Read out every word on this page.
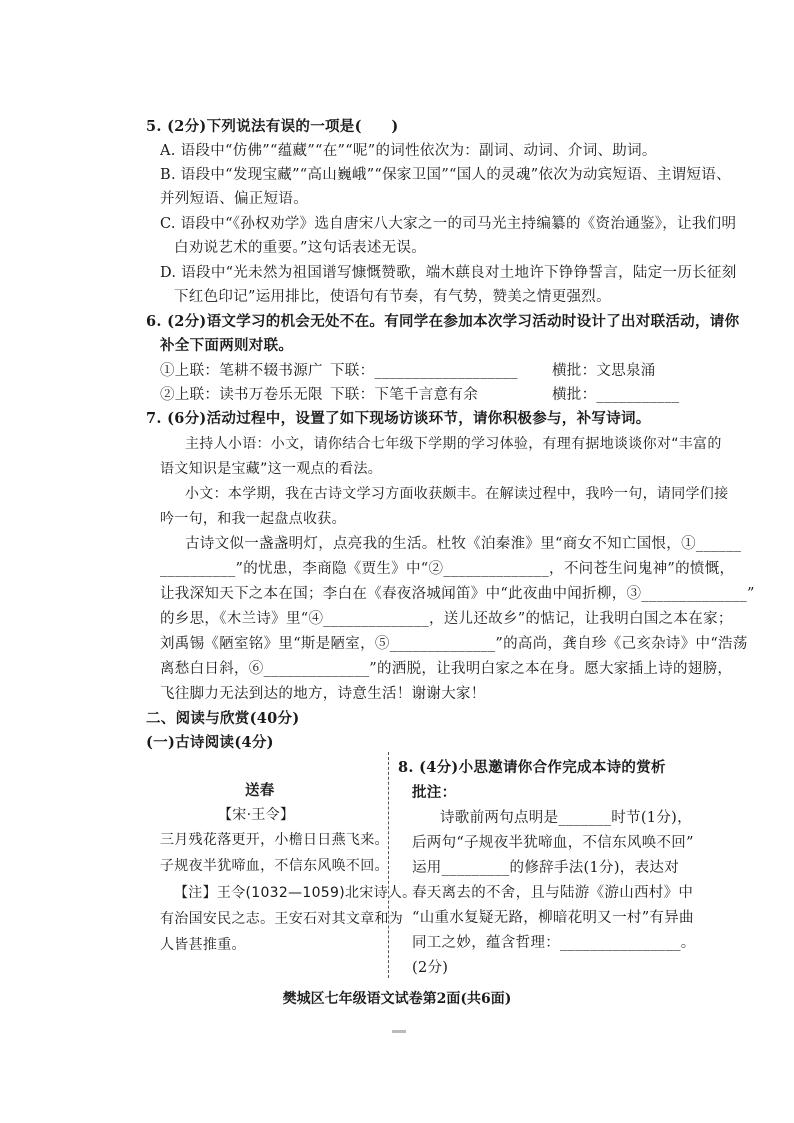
5. (2分)下列说法有误的一项是(　　)
A. 语段中“仿佛”“蕴藏”“在”“呢”的词性依次为：副词、动词、介词、助词。
B. 语段中“发现宝藏”“高山巍峨”“保家卫国”“国人的灵魂”依次为动宾短语、主谓短语、
并列短语、偏正短语。
C. 语段中“《孙权劝学》选自唐宋八大家之一的司马光主持编纂的《资治通鉴》，让我们明
白劝说艺术的重要。”这句话表述无误。
D. 语段中“光未然为祖国谱写慷慨赞歌，端木蕻良对土地许下铮铮誓言，陆定一历长征刻
下红色印记”运用排比，使语句有节奏，有气势，赞美之情更强烈。
6. (2分)语文学习的机会无处不在。有同学在参加本次学习活动时设计了出对联活动，请你
补全下面两则对联。
①上联：笔耕不辍书源广 下联：___________________ 横批：文思泉涌
②上联：读书万卷乐无限 下联：下笔千言意有余	横批：___________
7. (6分)活动过程中，设置了如下现场访谈环节，请你积极参与，补写诗词。
主持人小语：小文，请你结合七年级下学期的学习体验，有理有据地谈谈你对“丰富的
语文知识是宝藏”这一观点的看法。
小文：本学期，我在古诗文学习方面收获颇丰。在解读过程中，我吟一句，请同学们接
吟一句，和我一起盘点收获。
古诗文似一盏盏明灯，点亮我的生活。杜牧《泊秦淮》里“商女不知亡国恨，①______
__________”的忧患，李商隐《贾生》中“②______________，不问苍生问鬼神”的愤慨，
让我深知天下之本在国；李白在《春夜洛城闻笛》中“此夜曲中闻折柳，③______________”
的乡思，《木兰诗》里“④______________，送儿还故乡”的惦记，让我明白国之本在家；
刘禹锡《陋室铭》里“斯是陋室，⑤______________”的高尚，龚自珍《己亥杂诗》中“浩荡
离愁白日斜，⑥______________”的洒脱，让我明白家之本在身。愿大家插上诗的翅膀，
飞往脚力无法到达的地方，诗意生活！谢谢大家！
二、阅读与欣赏(40分)
(一)古诗阅读(4分)
送春
【宋·王令】
三月残花落更开，小檐日日燕飞来。
子规夜半犹啼血，不信东风唤不回。
【注】王令(1032—1059)北宋诗人。
有治国安民之志。王安石对其文章和为
人皆甚推重。
8. (4分)小思邀请你合作完成本诗的赏析
批注：
诗歌前两句点明是_______时节(1分)，
后两句“子规夜半犹啼血，不信东风唤不回”
运用_________的修辞手法(1分)，表达对
春天离去的不舍，且与陆游《游山西村》中
“山重水复疑无路，柳暗花明又一村”有异曲
同工之妙，蕴含哲理：________________。
(2分)
樊城区七年级语文试卷第2面(共6面)
